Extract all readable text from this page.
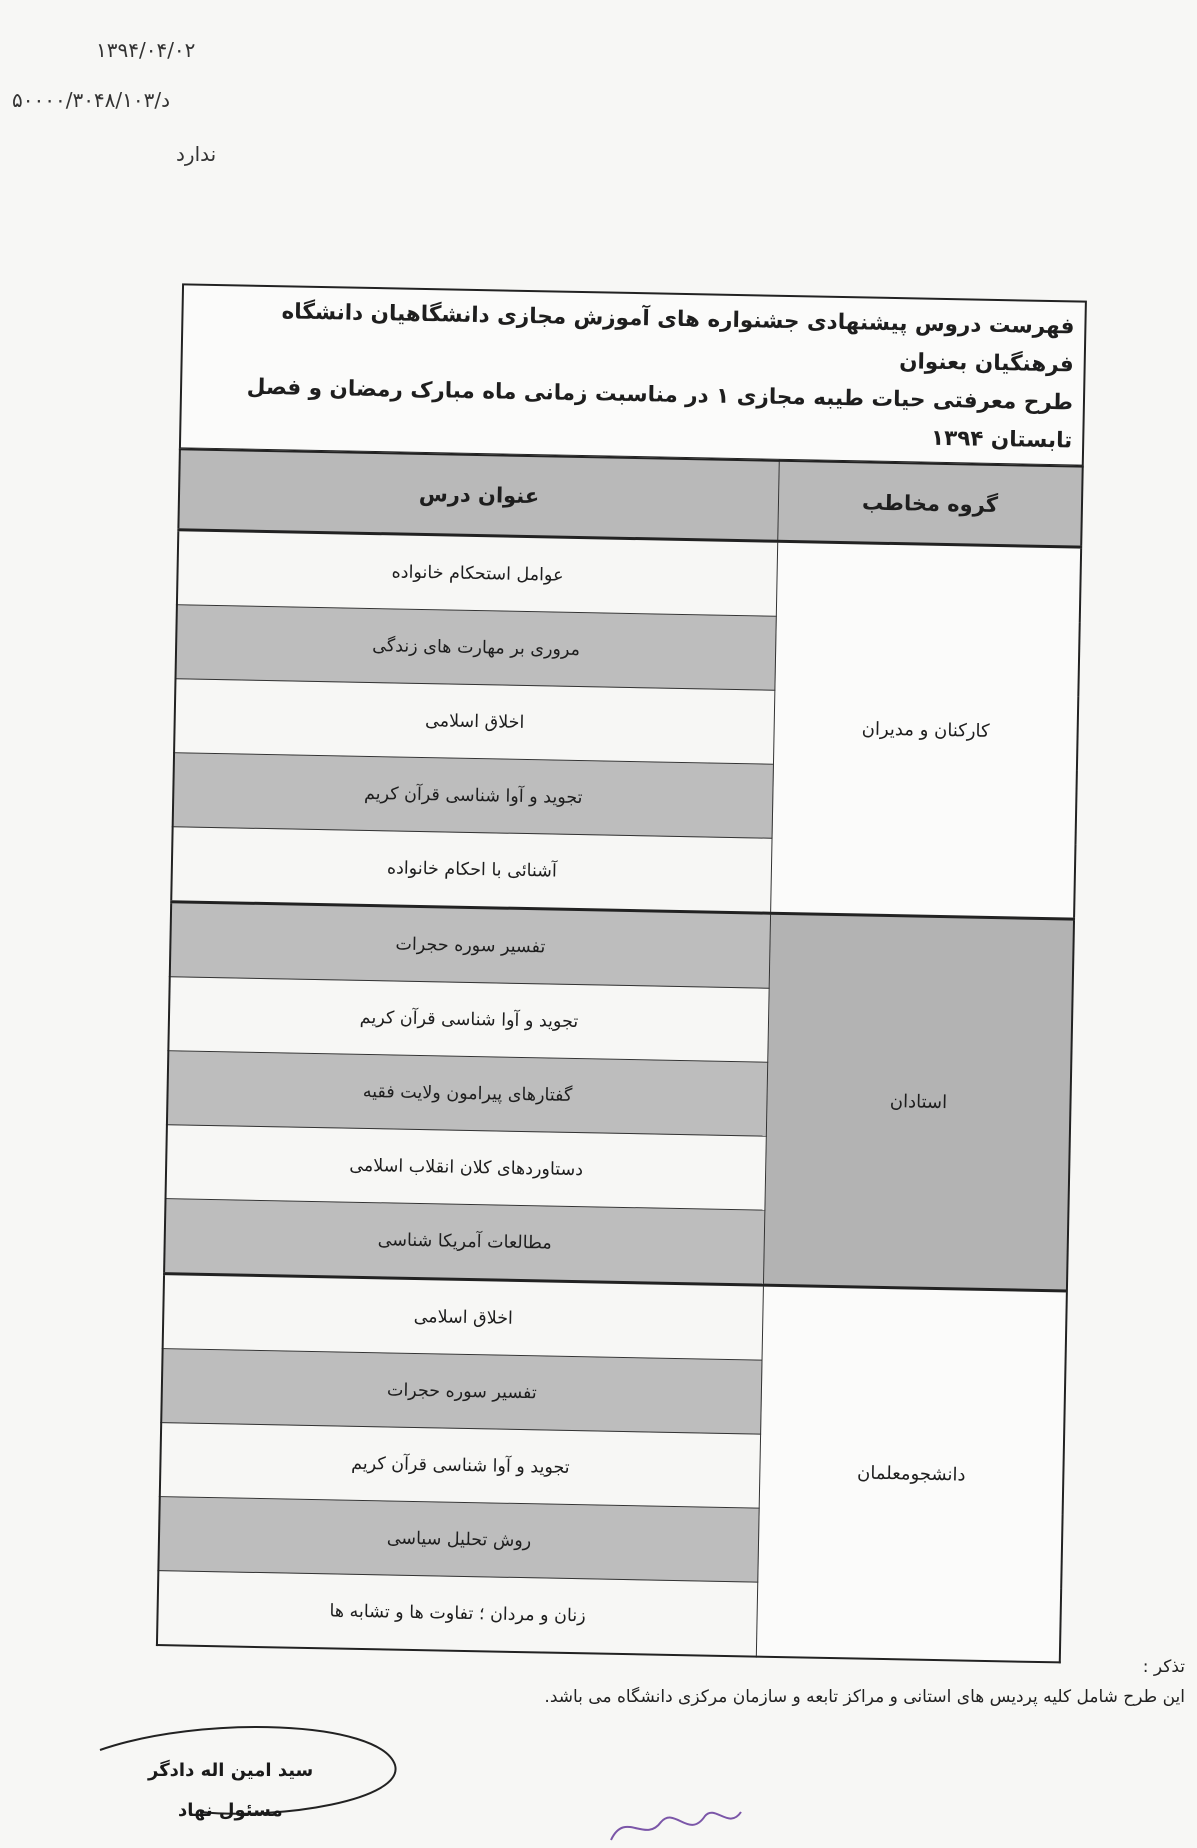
۱۳۹۴/۰۴/۰۲
د/۵۰۰۰۰/۳۰۴۸/۱۰۳
ندارد
فهرست دروس پیشنهادی جشنواره های آموزش مجازی دانشگاهیان دانشگاه فرهنگیان بعنوان
طرح معرفتی حیات طیبه مجازی ۱ در مناسبت زمانی ماه مبارک رمضان و فصل تابستان ۱۳۹۴
گروه مخاطب	عنوان درس
کارکنان و مدیران	عوامل استحکام خانواده
	مروری بر مهارت های زندگی
	اخلاق اسلامی
	تجوید و آوا شناسی قرآن کریم
	آشنائی با احکام خانواده
استادان	تفسیر سوره حجرات
	تجوید و آوا شناسی قرآن کریم
	گفتارهای پیرامون ولایت فقیه
	دستاوردهای کلان انقلاب اسلامی
	مطالعات آمریکا شناسی
دانشجومعلمان	اخلاق اسلامی
	تفسیر سوره حجرات
	تجوید و آوا شناسی قرآن کریم
	روش تحلیل سیاسی
	زنان و مردان ؛ تفاوت ها و تشابه ها
تذکر :
این طرح شامل کلیه پردیس های استانی و مراکز تابعه و سازمان مرکزی دانشگاه می باشد.
سید امین اله دادگر
مسئول نهاد
